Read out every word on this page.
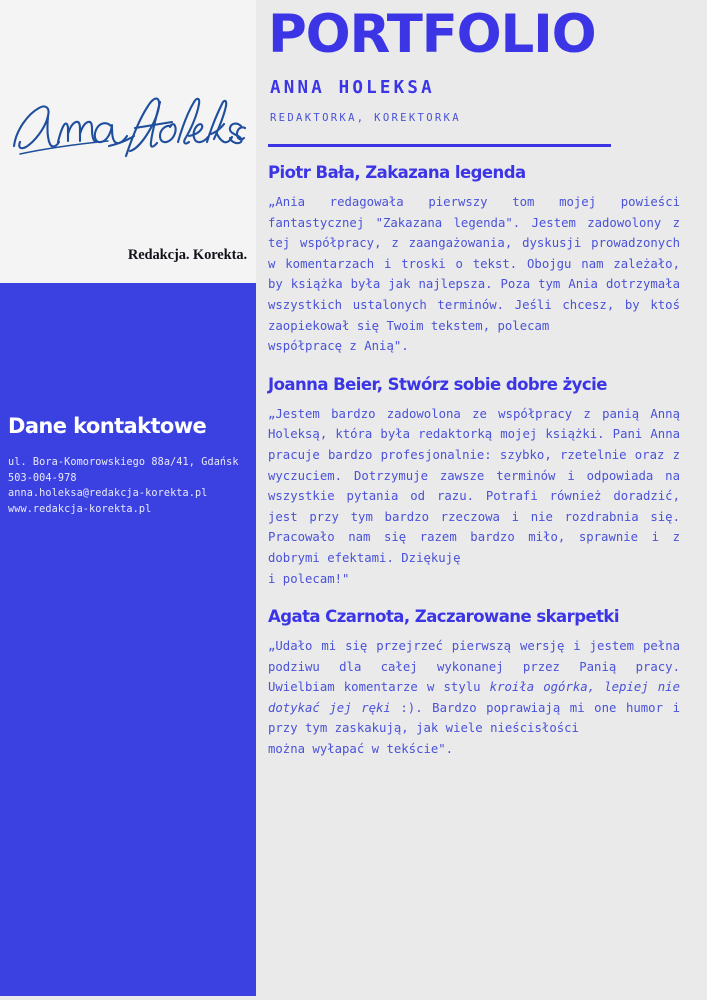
Redakcja. Korekta.
Dane kontaktowe
ul. Bora-Komorowskiego 88a/41, Gdańsk
503-004-978
anna.holeksa@redakcja-korekta.pl
www.redakcja-korekta.pl
PORTFOLIO
ANNA HOLEKSA
REDAKTORKA, KOREKTORKA
Piotr Bała, Zakazana legenda

„Ania redagowała pierwszy tom mojej powieści fantastycznej "Zakazana legenda". Jestem zadowolony z tej współpracy, z zaangażowania, dyskusji prowadzonych w komentarzach i troski o tekst. Obojgu nam zależało, by książka była jak najlepsza. Poza tym Ania dotrzymała wszystkich ustalonych terminów. Jeśli chcesz, by ktoś zaopiekował się Twoim tekstem, polecam

współpracę z Anią".

Joanna Beier, Stwórz sobie dobre życie

„Jestem bardzo zadowolona ze współpracy z panią Anną Holeksą, która była redaktorką mojej książki. Pani Anna pracuje bardzo profesjonalnie: szybko, rzetelnie oraz z wyczuciem. Dotrzymuje zawsze terminów i odpowiada na wszystkie pytania od razu. Potrafi również doradzić, jest przy tym bardzo rzeczowa i nie rozdrabnia się. Pracowało nam się razem bardzo miło, sprawnie i z dobrymi efektami. Dziękuję

i polecam!"

Agata Czarnota, Zaczarowane skarpetki

„Udało mi się przejrzeć pierwszą wersję i jestem pełna podziwu dla całej wykonanej przez Panią pracy. Uwielbiam komentarze w stylu kroiła ogórka, lepiej nie dotykać jej ręki :). Bardzo poprawiają mi one humor i przy tym zaskakują, jak wiele nieścisłości

można wyłapać w tekście".
